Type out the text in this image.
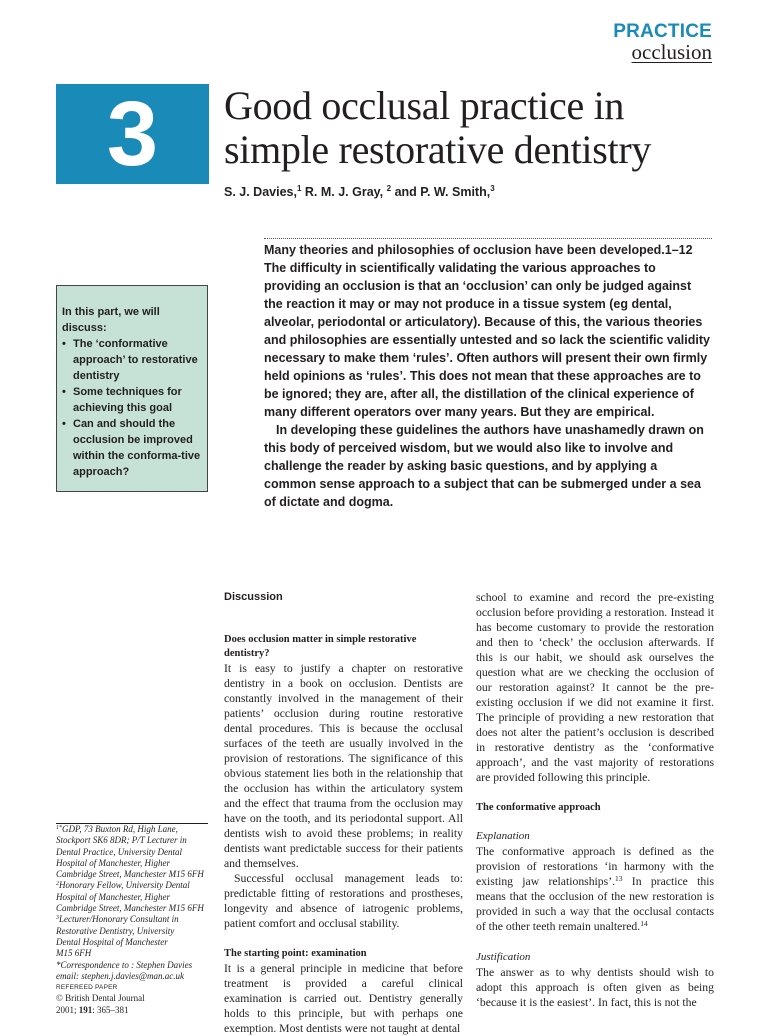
PRACTICE
occlusion
3 Good occlusal practice in
simple restorative dentistry
S. J. Davies,$^1$ R. M. J. Gray, $^2$ and P. W. Smith,$^3$
In this part, we will discuss:
• The ‘conformative approach’ to restorative dentistry
• Some techniques for achieving this goal
• Can and should the occlusion be improved within the conforma-tive approach?

Many theories and philosophies of occlusion have been developed.1–12 The difficulty in scientifically validating the various approaches to providing an occlusion is that an ‘occlusion’ can only be judged against the reaction it may or may not produce in a tissue system (eg dental, alveolar, periodontal or articulatory). Because of this, the various theories and philosophies are essentially untested and so lack the scientific validity necessary to make them ‘rules’. Often authors will present their own firmly held opinions as ‘rules’. This does not mean that these approaches are to be ignored; they are, after all, the distillation of the clinical experience of many different operators over many years. But they are empirical.

In developing these guidelines the authors have unashamedly drawn on this body of perceived wisdom, but we would also like to involve and challenge the reader by asking basic questions, and by applying a common sense approach to a subject that can be submerged under a sea of dictate and dogma.

Discussion
Does occlusion matter in simple restorative dentistry?

It is easy to justify a chapter on restorative dentistry in a book on occlusion. Dentists are constantly involved in the management of their patients’ occlusion during routine restorative dental procedures. This is because the occlusal surfaces of the teeth are usually involved in the provision of restorations. The significance of this obvious statement lies both in the relationship that the occlusion has within the articulatory system and the effect that trauma from the occlusion may have on the tooth, and its periodontal support. All dentists wish to avoid these problems; in reality dentists want predictable success for their patients and themselves.

Successful occlusal management leads to: predictable fitting of restorations and prostheses, longevity and absence of iatrogenic problems, patient comfort and occlusal stability.

The starting point: examination

It is a general principle in medicine that before treatment is provided a careful clinical examination is carried out. Dentistry generally holds to this principle, but with perhaps one exemption. Most dentists were not taught at dental

school to examine and record the pre-existing occlusion before providing a restoration. Instead it has become customary to provide the restoration and then to ‘check’ the occlusion afterwards. If this is our habit, we should ask ourselves the question what are we checking the occlusion of our restoration against? It cannot be the pre-existing occlusion if we did not examine it first. The principle of providing a new restoration that does not alter the patient’s occlusion is described in restorative dentistry as the ‘conformative approach’, and the vast majority of restorations are provided following this principle.

The conformative approach
Explanation

The conformative approach is defined as the provision of restorations ‘in harmony with the existing jaw relationships’.$^{13}$ In practice this means that the occlusion of the new restoration is provided in such a way that the occlusal contacts of the other teeth remain unaltered.$^{14}$

Justification

The answer as to why dentists should wish to adopt this approach is often given as being ‘because it is the easiest’. In fact, this is not the

$^{1*}$GDP, 73 Buxton Rd, High Lane,
Stockport SK6 8DR; P/T Lecturer in
Dental Practice, University Dental
Hospital of Manchester, Higher
Cambridge Street, Manchester M15 6FH
$^2$Honorary Fellow, University Dental
Hospital of Manchester, Higher
Cambridge Street, Manchester M15 6FH
$^3$Lecturer/Honorary Consultant in
Restorative Dentistry, University
Dental Hospital of Manchester
M15 6FH
*Correspondence to : Stephen Davies
email: stephen.j.davies@man.ac.uk
REFEREED PAPER
© British Dental Journal
2001; 191: 365–381
